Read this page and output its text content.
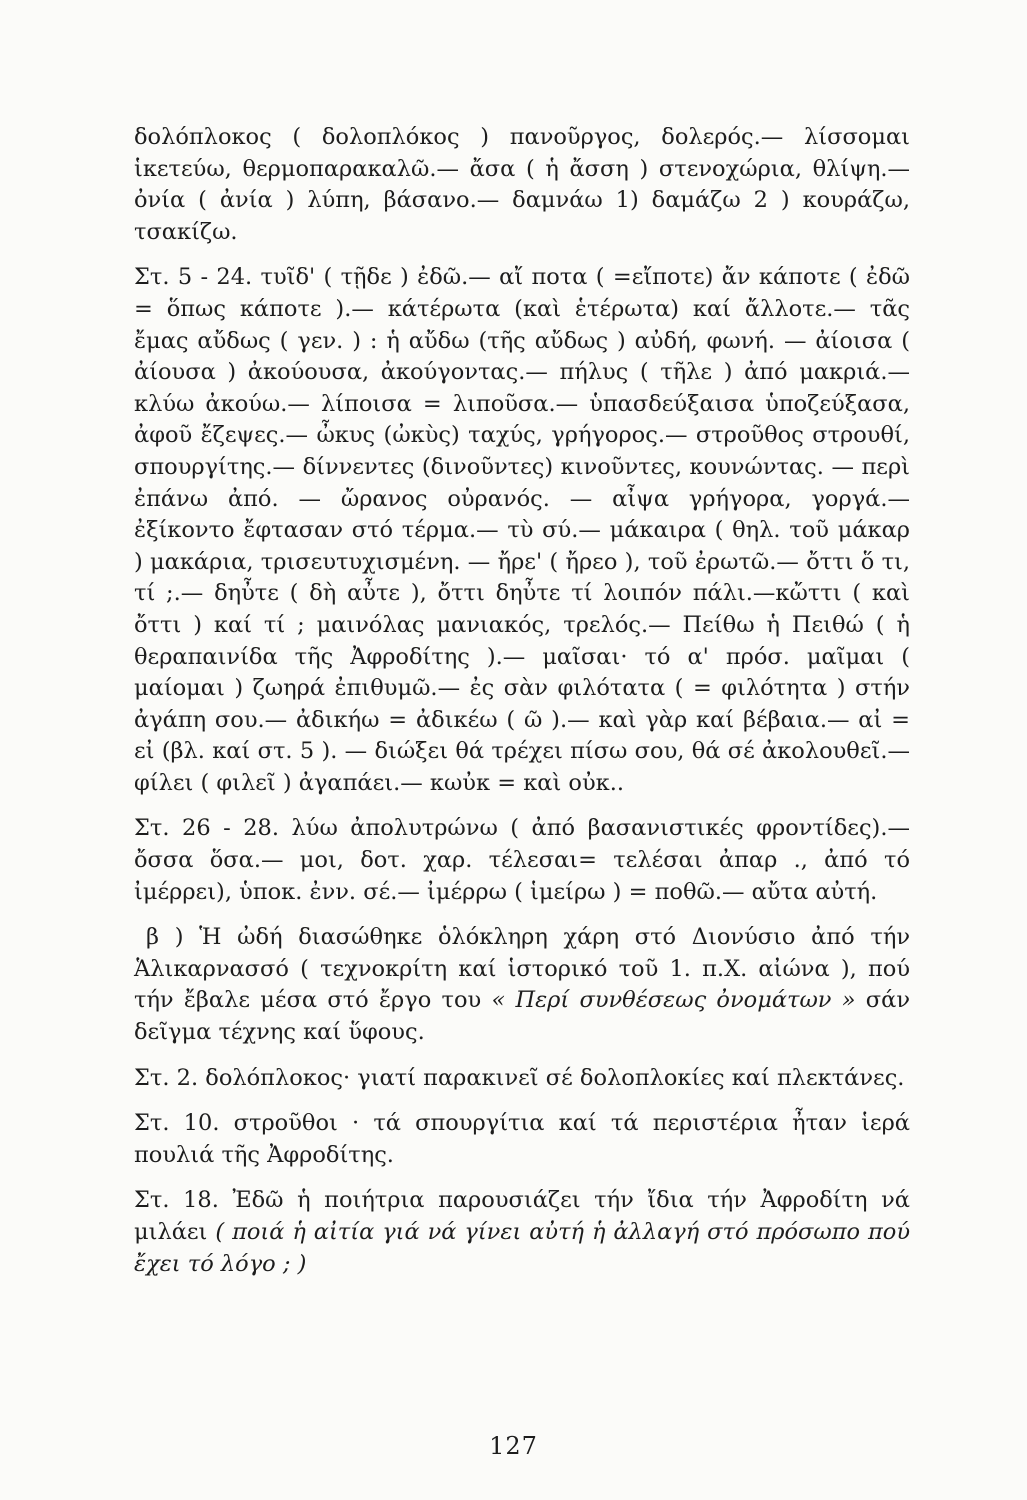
δολόπλοκος ( δολοπλόκος ) πανοῦργος, δολερός.— λίσσομαι ἱκετεύω, θερμοπαρακαλῶ.— ἄσα ( ἡ ἄσση ) στενοχώρια, θλίψη.— ὀνία ( ἀνία ) λύπη, βάσανο.— δαμνάω 1) δαμάζω 2 ) κουράζω, τσακίζω.

Στ. 5 - 24. τυῖδ' ( τῇδε ) ἐδῶ.— αἴ ποτα ( =εἴποτε) ἄν κάποτε ( ἐδῶ = ὅπως κάποτε ).— κάτέρωτα (καὶ ἑτέρωτα) καί ἄλλοτε.— τᾶς ἔμας αὔδως ( γεν. ) : ἡ αὔδω (τῆς αὔδως ) αὐδή, φωνή. — ἀίοισα ( ἀίουσα ) ἀκούουσα, ἀκούγοντας.— πήλυς ( τῆλε ) ἀπό μακριά.—κλύω ἀκούω.— λίποισα = λιποῦσα.— ὑπασδεύξαισα ὑποζεύξασα, ἀφοῦ ἔζεψες.— ὦκυς (ὠκὺς) ταχύς, γρήγορος.— στροῦθος στρουθί, σπουργίτης.— δίννεντες (δινοῦντες) κινοῦντες, κουνώντας. — περὶ ἐπάνω ἀπό. — ὤρανος οὐρανός. — αἶψα γρήγορα, γοργά.— ἐξίκοντο ἔφτασαν στό τέρμα.— τὺ σύ.— μάκαιρα ( θηλ. τοῦ μάκαρ ) μακάρια, τρισευτυχισμένη. — ἤρε' ( ἤρεο ), τοῦ ἐρωτῶ.— ὄττι ὅ τι, τί ;.— δηὖτε ( δὴ αὖτε ), ὄττι δηὖτε τί λοιπόν πάλι.—κὤττι ( καὶ ὄττι ) καί τί ; μαινόλας μανιακός, τρελός.— Πείθω ἡ Πειθώ ( ἡ θεραπαινίδα τῆς Ἀφροδίτης ).— μαῖσαι· τό α' πρόσ. μαῖμαι ( μαίομαι ) ζωηρά ἐπιθυμῶ.— ἐς σὰν φιλότατα ( = φιλότητα ) στήν ἀγάπη σου.— ἀδικήω = ἀδικέω ( ῶ ).— καὶ γὰρ καί βέβαια.— αἰ = εἰ (βλ. καί στ. 5 ). — διώξει θά τρέχει πίσω σου, θά σέ ἀκολουθεῖ.— φίλει ( φιλεῖ ) ἀγαπάει.— κωὐκ = καὶ οὐκ..

Στ. 26 - 28. λύω ἀπολυτρώνω ( ἀπό βασανιστικές φροντίδες).— ὄσσα ὅσα.— μοι, δοτ. χαρ. τέλεσαι= τελέσαι ἀπαρ ., ἀπό τό ἰμέρρει), ὑποκ. ἐνν. σέ.— ἰμέρρω ( ἱμείρω ) = ποθῶ.— αὔτα αὐτή.

β ) Ἡ ὠδή διασώθηκε ὁλόκληρη χάρη στό Διονύσιο ἀπό τήν Ἁλικαρνασσό ( τεχνοκρίτη καί ἱστορικό τοῦ 1. π.Χ. αἰώνα ), πού τήν ἔβαλε μέσα στό ἔργο του « Περί συνθέσεως ὀνομάτων » σάν δεῖγμα τέχνης καί ὕφους.

Στ. 2. δολόπλοκος· γιατί παρακινεῖ σέ δολοπλοκίες καί πλεκτάνες.

Στ. 10. στροῦθοι · τά σπουργίτια καί τά περιστέρια ἦταν ἱερά πουλιά τῆς Ἀφροδίτης.

Στ. 18. Ἐδῶ ἡ ποιήτρια παρουσιάζει τήν ἴδια τήν Ἀφροδίτη νά μιλάει ( ποιά ἡ αἰτία γιά νά γίνει αὐτή ἡ ἀλλαγή στό πρόσωπο πού ἔχει τό λόγο ; )

127
